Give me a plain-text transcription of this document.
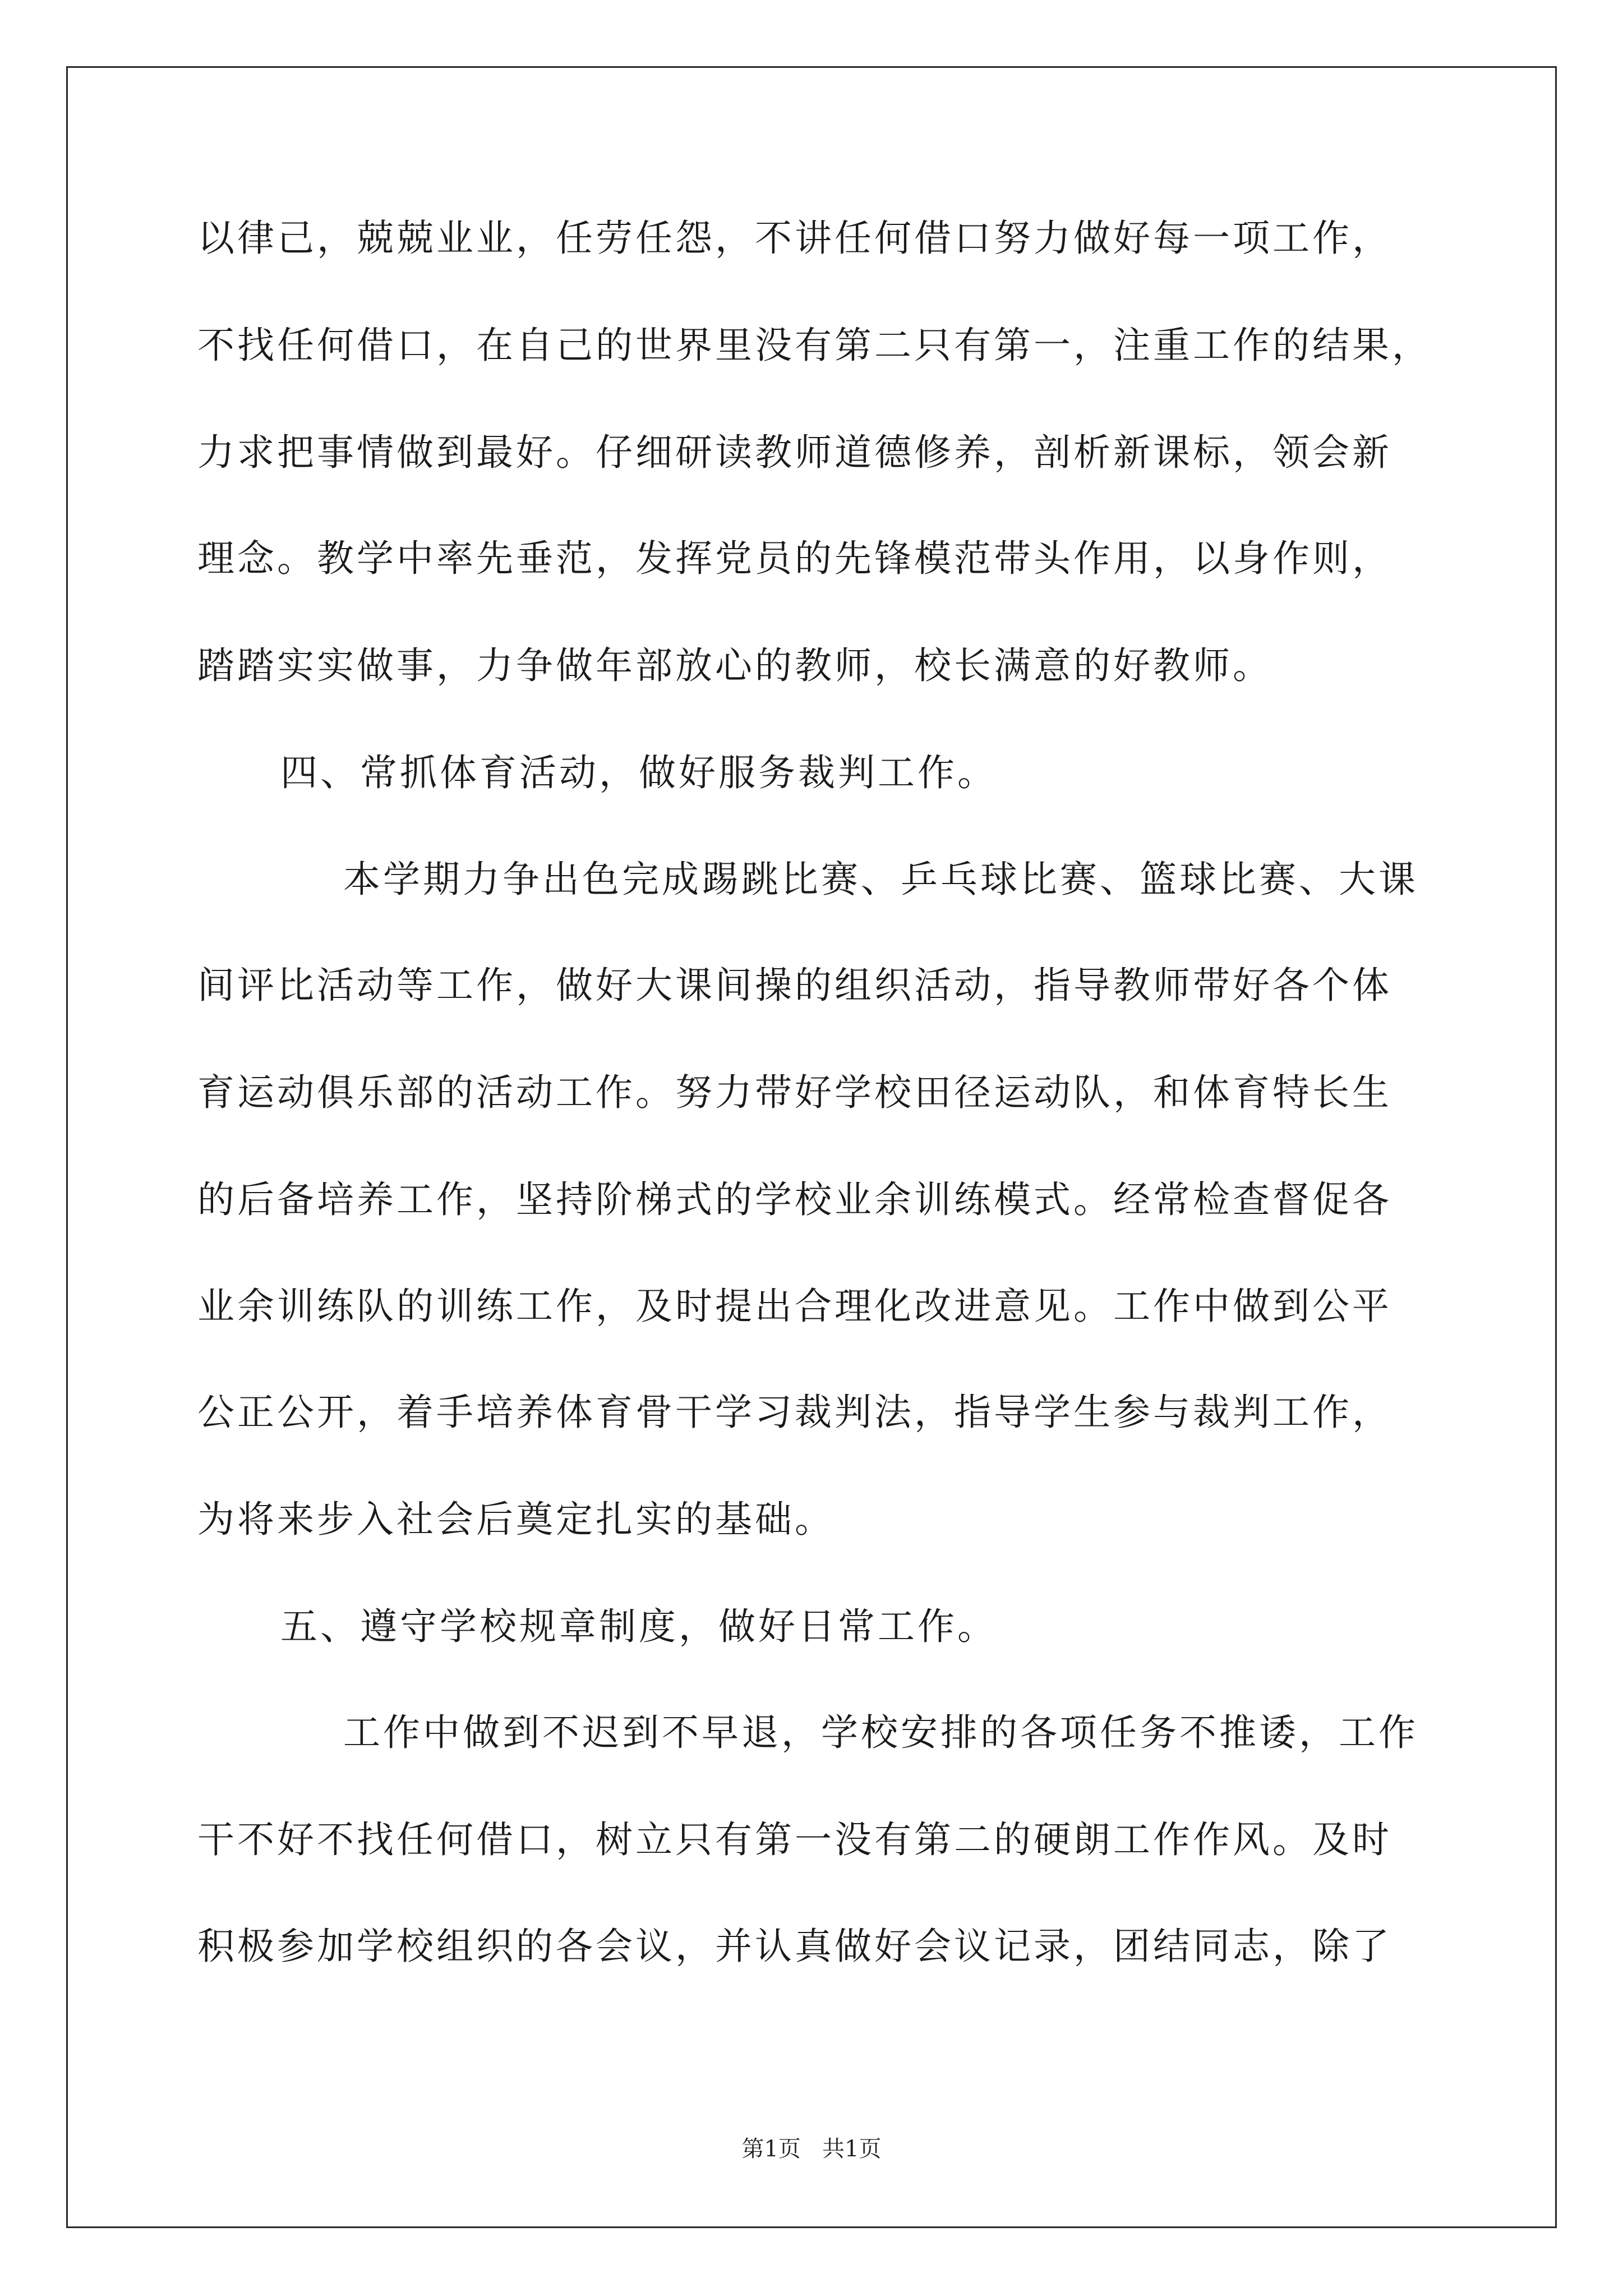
以律己，兢兢业业，任劳任怨，不讲任何借口努力做好每一项工作，
不找任何借口，在自己的世界里没有第二只有第一，注重工作的结果，
力求把事情做到最好。仔细研读教师道德修养，剖析新课标，领会新
理念。教学中率先垂范，发挥党员的先锋模范带头作用，以身作则，
踏踏实实做事，力争做年部放心的教师，校长满意的好教师。
四、常抓体育活动，做好服务裁判工作。
本学期力争出色完成踢跳比赛、乒乓球比赛、篮球比赛、大课
间评比活动等工作，做好大课间操的组织活动，指导教师带好各个体
育运动俱乐部的活动工作。努力带好学校田径运动队，和体育特长生
的后备培养工作，坚持阶梯式的学校业余训练模式。经常检查督促各
业余训练队的训练工作，及时提出合理化改进意见。工作中做到公平
公正公开，着手培养体育骨干学习裁判法，指导学生参与裁判工作，
为将来步入社会后奠定扎实的基础。
五、遵守学校规章制度，做好日常工作。
工作中做到不迟到不早退，学校安排的各项任务不推诿，工作
干不好不找任何借口，树立只有第一没有第二的硬朗工作作风。及时
积极参加学校组织的各会议，并认真做好会议记录，团结同志，除了
第1页   共1页
